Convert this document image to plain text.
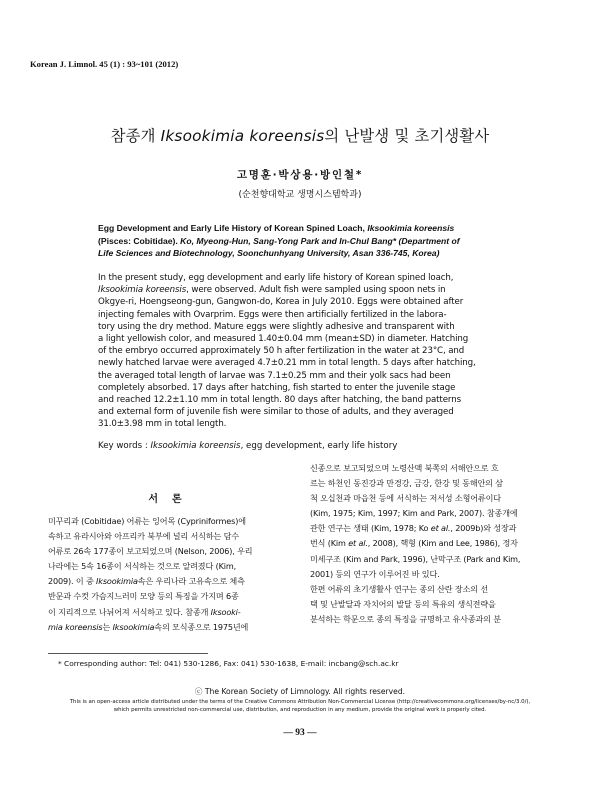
Korean J. Limnol. 45 (1) : 93~101 (2012)
참종개 Iksookimia koreensis의 난발생 및 초기생활사
고명훈·박상용·방인철*
(순천향대학교 생명시스템학과)
Egg Development and Early Life History of Korean Spined Loach, Iksookimia koreensis
(Pisces: Cobitidae). Ko, Myeong-Hun, Sang-Yong Park and In-Chul Bang* (Department of
Life Sciences and Biotechnology, Soonchunhyang University, Asan 336-745, Korea)
In the present study, egg development and early life history of Korean spined loach,
Iksookimia koreensis, were observed. Adult fish were sampled using spoon nets in
Okgye-ri, Hoengseong-gun, Gangwon-do, Korea in July 2010. Eggs were obtained after
injecting females with Ovarprim. Eggs were then artificially fertilized in the labora-
tory using the dry method. Mature eggs were slightly adhesive and transparent with
a light yellowish color, and measured 1.40±0.04 mm (mean±SD) in diameter. Hatching
of the embryo occurred approximately 50 h after fertilization in the water at 23°C, and
newly hatched larvae were averaged 4.7±0.21 mm in total length. 5 days after hatching,
the averaged total length of larvae was 7.1±0.25 mm and their yolk sacs had been
completely absorbed. 17 days after hatching, fish started to enter the juvenile stage
and reached 12.2±1.10 mm in total length. 80 days after hatching, the band patterns
and external form of juvenile fish were similar to those of adults, and they averaged
31.0±3.98 mm in total length.
Key words : Iksookimia koreensis, egg development, early life history
서론
미꾸리과 (Cobitidae) 어류는 잉어목 (Cypriniformes)에
속하고 유라시아와 아프리카 북부에 널리 서식하는 담수
어류로 26속 177종이 보고되었으며 (Nelson, 2006), 우리
나라에는 5속 16종이 서식하는 것으로 알려졌다 (Kim,
2009). 이 중 Iksookimia속은 우리나라 고유속으로 체측
반문과 수컷 가슴지느러미 모양 등의 특징을 가지며 6종
이 지리적으로 나뉘어져 서식하고 있다. 참종개 Iksooki-
mia koreensis는 Iksookimia속의 모식종으로 1975년에
신종으로 보고되었으며 노령산맥 북쪽의 서해안으로 흐
르는 하천인 동진강과 만경강, 금강, 한강 및 동해안의 삼
척 오십천과 마읍천 등에 서식하는 저서성 소형어류이다
(Kim, 1975; Kim, 1997; Kim and Park, 2007). 참종개에
관한 연구는 생태 (Kim, 1978; Ko et al., 2009b)와 성장과
번식 (Kim et al., 2008), 핵형 (Kim and Lee, 1986), 정자
미세구조 (Kim and Park, 1996), 난막구조 (Park and Kim,
2001) 등의 연구가 이루어진 바 있다.
한편 어류의 초기생활사 연구는 종의 산란 장소의 선
택 및 난발달과 자치어의 발달 등의 특유의 생식전략을
분석하는 학문으로 종의 특징을 규명하고 유사종과의 분
* Corresponding author: Tel: 041) 530-1286, Fax: 041) 530-1638, E-mail: incbang@sch.ac.kr
ⓒ The Korean Society of Limnology. All rights reserved.
This is an open-access article distributed under the terms of the Creative Commons Attribution Non-Commercial License (http://creativecommons.org/licenses/by-nc/3.0/),
which permits unrestricted non-commercial use, distribution, and reproduction in any medium, provide the original work is properly cited.
— 93 —
